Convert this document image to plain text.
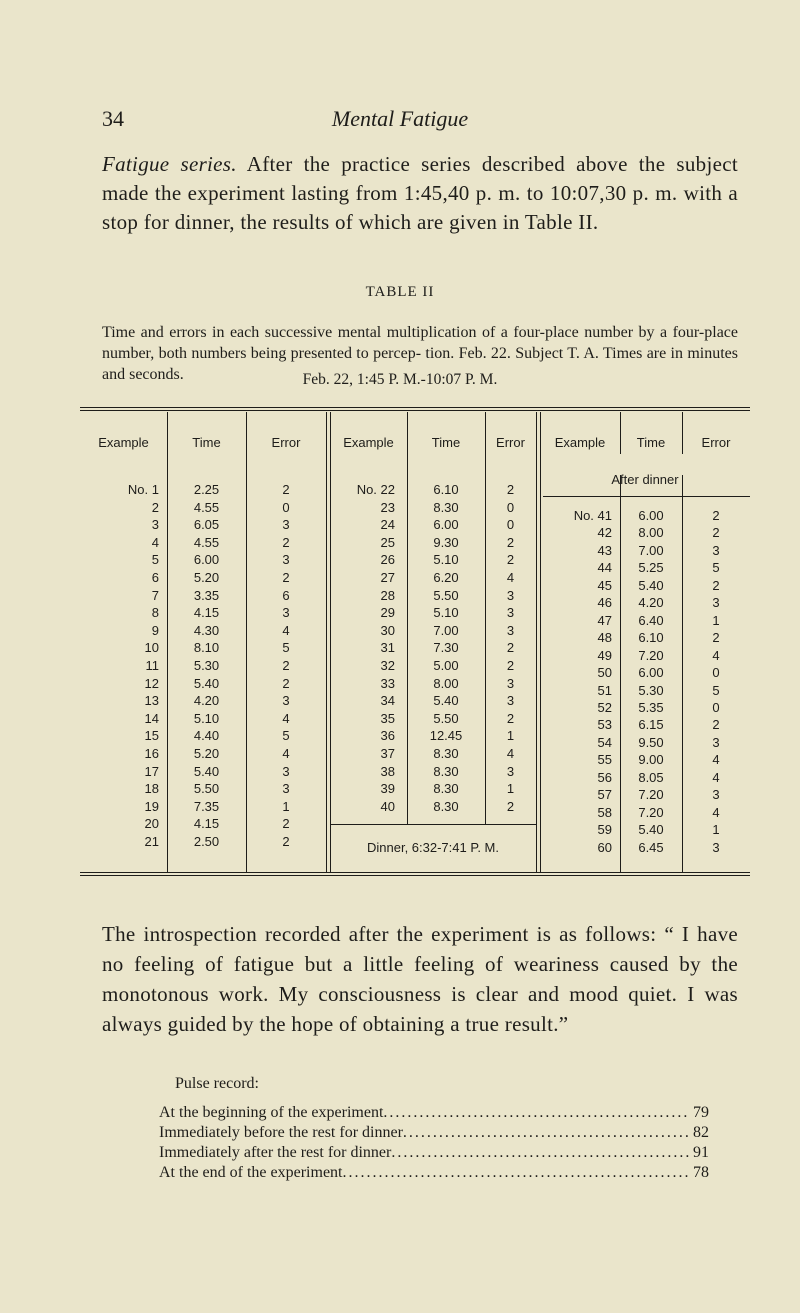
34	Mental Fatigue
Fatigue series. After the practice series described above the subject made the experiment lasting from 1:45,40 p. m. to 10:07,30 p. m. with a stop for dinner, the results of which are given in Table II.
TABLE II
Time and errors in each successive mental multiplication of a four-place number by a four-place number, both numbers being presented to percep- tion. Feb. 22. Subject T. A. Times are in minutes and seconds.	Feb. 22, 1:45 P. M.-10:07 P. M.
Example	Time	Error	Example	Time	Error	Example	Time	Error
After dinner
Dinner, 6:32-7:41 P. M.
No. 1	2.25	2
2	4.55	0
3	6.05	3
4	4.55	2
5	6.00	3
6	5.20	2
7	3.35	6
8	4.15	3
9	4.30	4
10	8.10	5
11	5.30	2
12	5.40	2
13	4.20	3
14	5.10	4
15	4.40	5
16	5.20	4
17	5.40	3
18	5.50	3
19	7.35	1
20	4.15	2
21	2.50	2
No. 22	6.10	2
23	8.30	0
24	6.00	0
25	9.30	2
26	5.10	2
27	6.20	4
28	5.50	3
29	5.10	3
30	7.00	3
31	7.30	2
32	5.00	2
33	8.00	3
34	5.40	3
35	5.50	2
36	12.45	1
37	8.30	4
38	8.30	3
39	8.30	1
40	8.30	2
No. 41	6.00	2
42	8.00	2
43	7.00	3
44	5.25	5
45	5.40	2
46	4.20	3
47	6.40	1
48	6.10	2
49	7.20	4
50	6.00	0
51	5.30	5
52	5.35	0
53	6.15	2
54	9.50	3
55	9.00	4
56	8.05	4
57	7.20	3
58	7.20	4
59	5.40	1
60	6.45	3
The introspection recorded after the experiment is as follows: “ I have no feeling of fatigue but a little feeling of weariness caused by the monotonous work. My consciousness is clear and mood quiet. I was always guided by the hope of obtaining a true result.”
Pulse record:
At the beginning of the experiment . . .	79
Immediately before the rest for dinner . . .	82
Immediately after the rest for dinner . . .	91
At the end of the experiment . . .	78
